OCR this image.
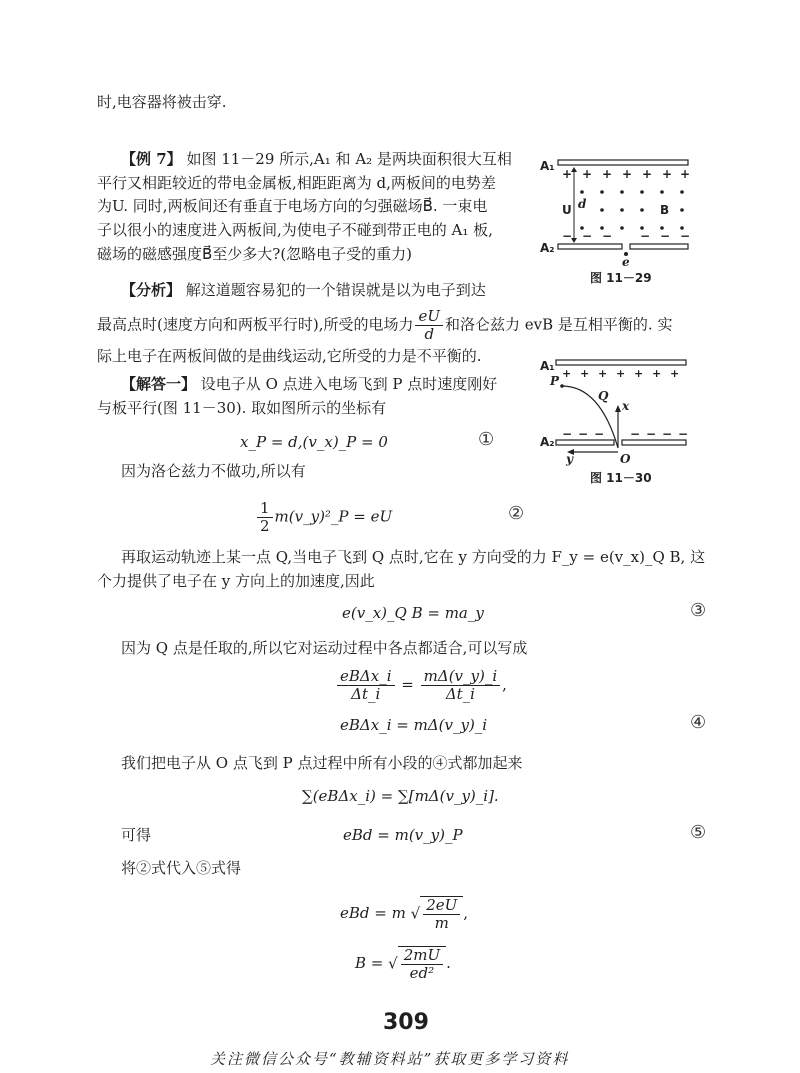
时,电容器将被击穿.
【例 7】 如图 11－29 所示,A₁ 和 A₂ 是两块面积很大互相
平行又相距较近的带电金属板,相距距离为 d,两板间的电势差
为U. 同时,两板间还有垂直于电场方向的匀强磁场B⃗. 一束电
子以很小的速度进入两板间,为使电子不碰到带正电的 A₁ 板,
磁场的磁感强度B⃗至少多大?(忽略电子受的重力)
A₁
+ + + + + + +
U d	B
− − − − − −
A₂
e
图 11－29
【分析】 解这道题容易犯的一个错误就是以为电子到达
最高点时(速度方向和两板平行时),所受的电场力 $\frac{eU}{d}$ 和洛仑兹力 evB 是互相平衡的. 实
际上电子在两板间做的是曲线运动,它所受的力是不平衡的.
【解答一】 设电子从 O 点进入电场飞到 P 点时速度刚好
与板平行(图 11－30). 取如图所示的坐标有
x_P = d,(v_x)_P = 0	①
因为洛仑兹力不做功,所以有
$\frac{1}{2}$ m(v_y)²_P = eU	②
A₁
+ + + + + + +
P
Q
x
− − − − − − −
A₂
y	O
图 11－30
再取运动轨迹上某一点 Q,当电子飞到 Q 点时,它在 y 方向受的力 F_y = e(v_x)_Q B, 这
个力提供了电子在 y 方向上的加速度,因此
e(v_x)_Q B = ma_y	③
因为 Q 点是任取的,所以它对运动过程中各点都适合,可以写成
$\frac{\text{eBΔx\_i}}{\Delta t\_i} = \frac{m\Delta(v\_y)\_i}{\Delta t\_i}$ ,
eBΔx_i = mΔ(v_y)_i	④
我们把电子从 O 点飞到 P 点过程中所有小段的④式都加起来
∑(eBΔx_i) = ∑[mΔ(v_y)_i].
可得	eBd = m(v_y)_P	⑤
将②式代入⑤式得
eBd = m √ $\frac{2eU}{m}$ ,
B = √ $\frac{2mU}{\text{ed²}}$ .
309
关注微信公众号“教辅资料站”获取更多学习资料
